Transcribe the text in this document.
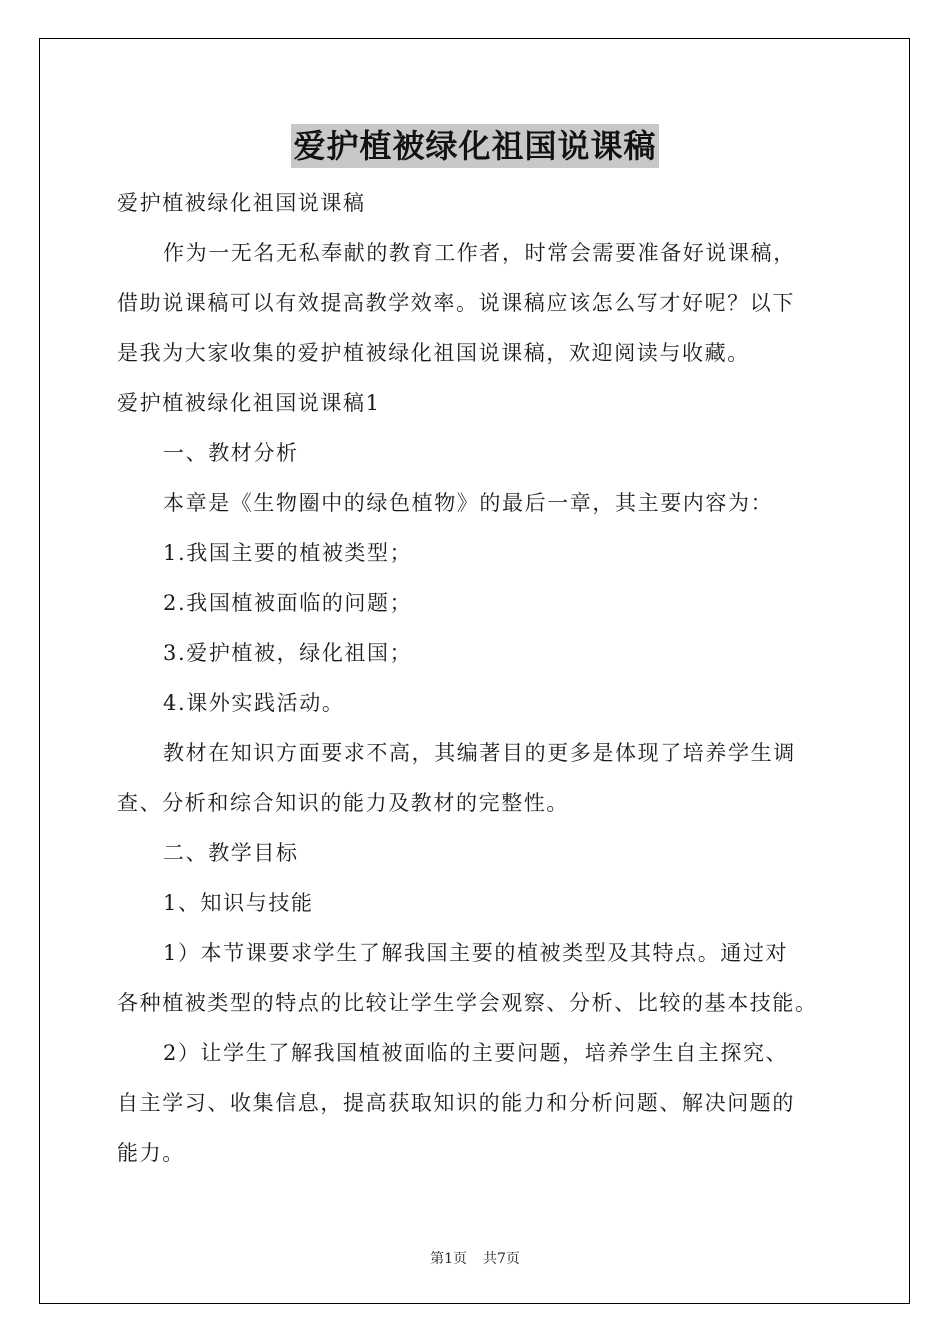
爱护植被绿化祖国说课稿
爱护植被绿化祖国说课稿
作为一无名无私奉献的教育工作者，时常会需要准备好说课稿，
借助说课稿可以有效提高教学效率。说课稿应该怎么写才好呢？以下
是我为大家收集的爱护植被绿化祖国说课稿，欢迎阅读与收藏。
爱护植被绿化祖国说课稿1
一、教材分析
本章是《生物圈中的绿色植物》的最后一章，其主要内容为：
1.我国主要的植被类型；
2.我国植被面临的问题；
3.爱护植被，绿化祖国；
4.课外实践活动。
教材在知识方面要求不高，其编著目的更多是体现了培养学生调
查、分析和综合知识的能力及教材的完整性。
二、教学目标
1、知识与技能
1）本节课要求学生了解我国主要的植被类型及其特点。通过对
各种植被类型的特点的比较让学生学会观察、分析、比较的基本技能。
2）让学生了解我国植被面临的主要问题，培养学生自主探究、
自主学习、收集信息，提高获取知识的能力和分析问题、解决问题的
能力。
第1页 共7页
